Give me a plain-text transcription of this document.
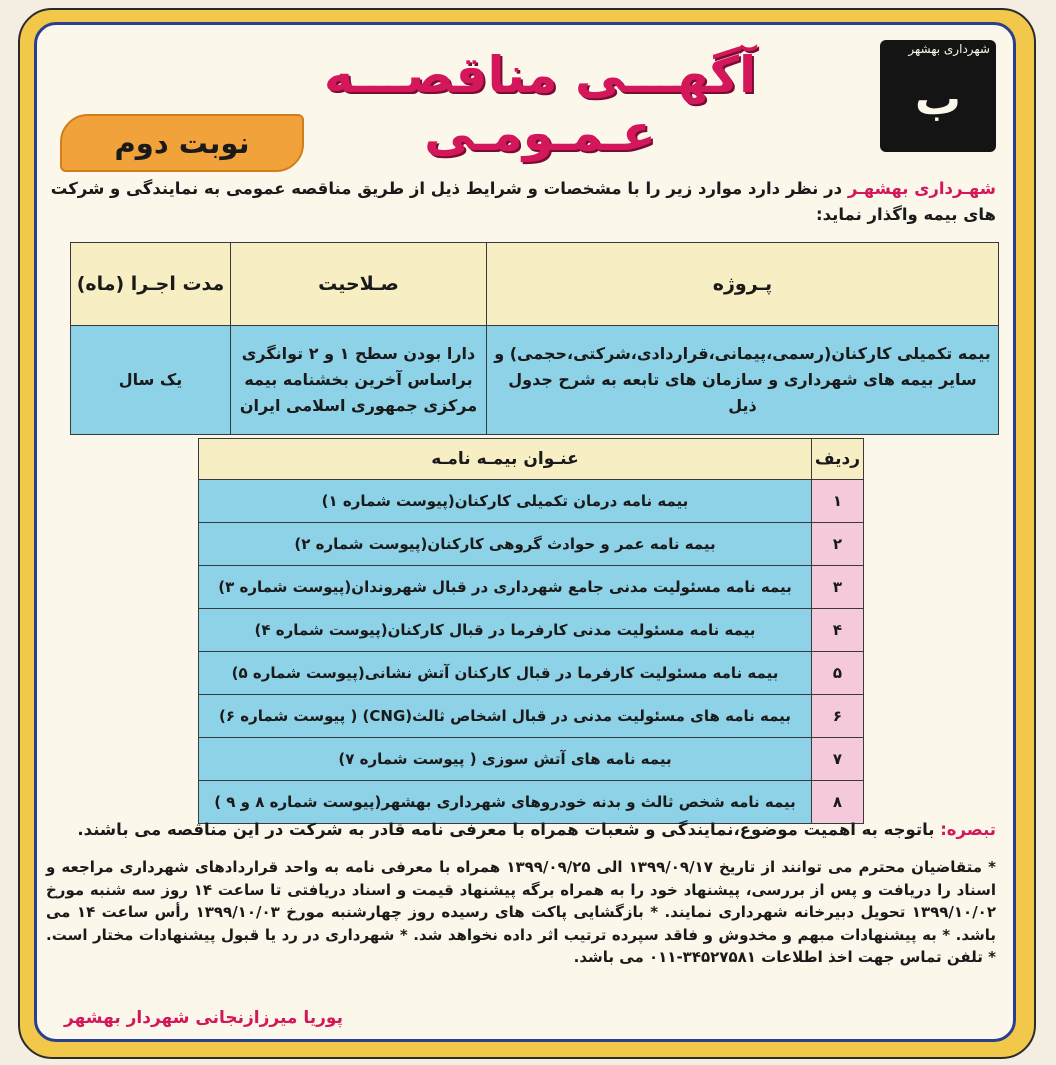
شهرداری بهشهر
ب
آگهـــی مناقصـــه عـمـومـی
نوبت دوم
شهـرداری بهشهـر در نظر دارد موارد زیر را با مشخصات و شرایط ذیل از طریق مناقصه عمومی به نمایندگی و شرکت های بیمه واگذار نماید:
پـروژه	صـلاحیت	مدت اجـرا (ماه)
بیمه تکمیلی کارکنان(رسمی،پیمانی،قراردادی،شرکتی،حجمی) و سایر بیمه های شهرداری و سازمان های تابعه به شرح جدول ذیل	دارا بودن سطح ۱ و ۲ توانگری براساس آخرین بخشنامه بیمه مرکزی جمهوری اسلامی ایران	یک سال
ردیف	عنـوان بیمـه نامـه
۱	بیمه نامه درمان تکمیلی کارکنان(پیوست شماره ۱)
۲	بیمه نامه عمر و حوادث گروهی کارکنان(پیوست شماره ۲)
۳	بیمه نامه مسئولیت مدنی جامع شهرداری در قبال شهروندان(پیوست شماره ۳)
۴	بیمه نامه مسئولیت مدنی کارفرما در قبال کارکنان(پیوست شماره ۴)
۵	بیمه نامه مسئولیت کارفرما در قبال کارکنان آتش نشانی(پیوست شماره ۵)
۶	بیمه نامه های مسئولیت مدنی در قبال اشخاص ثالث(CNG) ( پیوست شماره ۶)
۷	بیمه نامه های آتش سوزی ( پیوست شماره ۷)
۸	بیمه نامه شخص ثالث و بدنه خودروهای شهرداری بهشهر(پیوست شماره ۸ و ۹ )
تبصره: باتوجه به اهمیت موضوع،نمایندگی و شعبات همراه با معرفی نامه قادر به شرکت در این مناقصه می باشند.
* متقاضیان محترم می توانند از تاریخ ۱۳۹۹/۰۹/۱۷ الی ۱۳۹۹/۰۹/۲۵ همراه با معرفی نامه به واحد قراردادهای شهرداری مراجعه و اسناد را دریافت و پس از بررسی، پیشنهاد خود را به همراه برگه پیشنهاد قیمت و اسناد دریافتی تا ساعت ۱۴ روز سه شنبه مورخ ۱۳۹۹/۱۰/۰۲ تحویل دبیرخانه شهرداری نمایند. * بازگشایی پاکت های رسیده روز چهارشنبه مورخ ۱۳۹۹/۱۰/۰۳ رأس ساعت ۱۴ می باشد. * به پیشنهادات مبهم و مخدوش و فاقد سپرده ترتیب اثر داده نخواهد شد. * شهرداری در رد یا قبول پیشنهادات مختار است. * تلفن تماس جهت اخذ اطلاعات ۳۴۵۲۷۵۸۱-۰۱۱ می باشد.
پوریا میرزازنجانی شهردار بهشهر
